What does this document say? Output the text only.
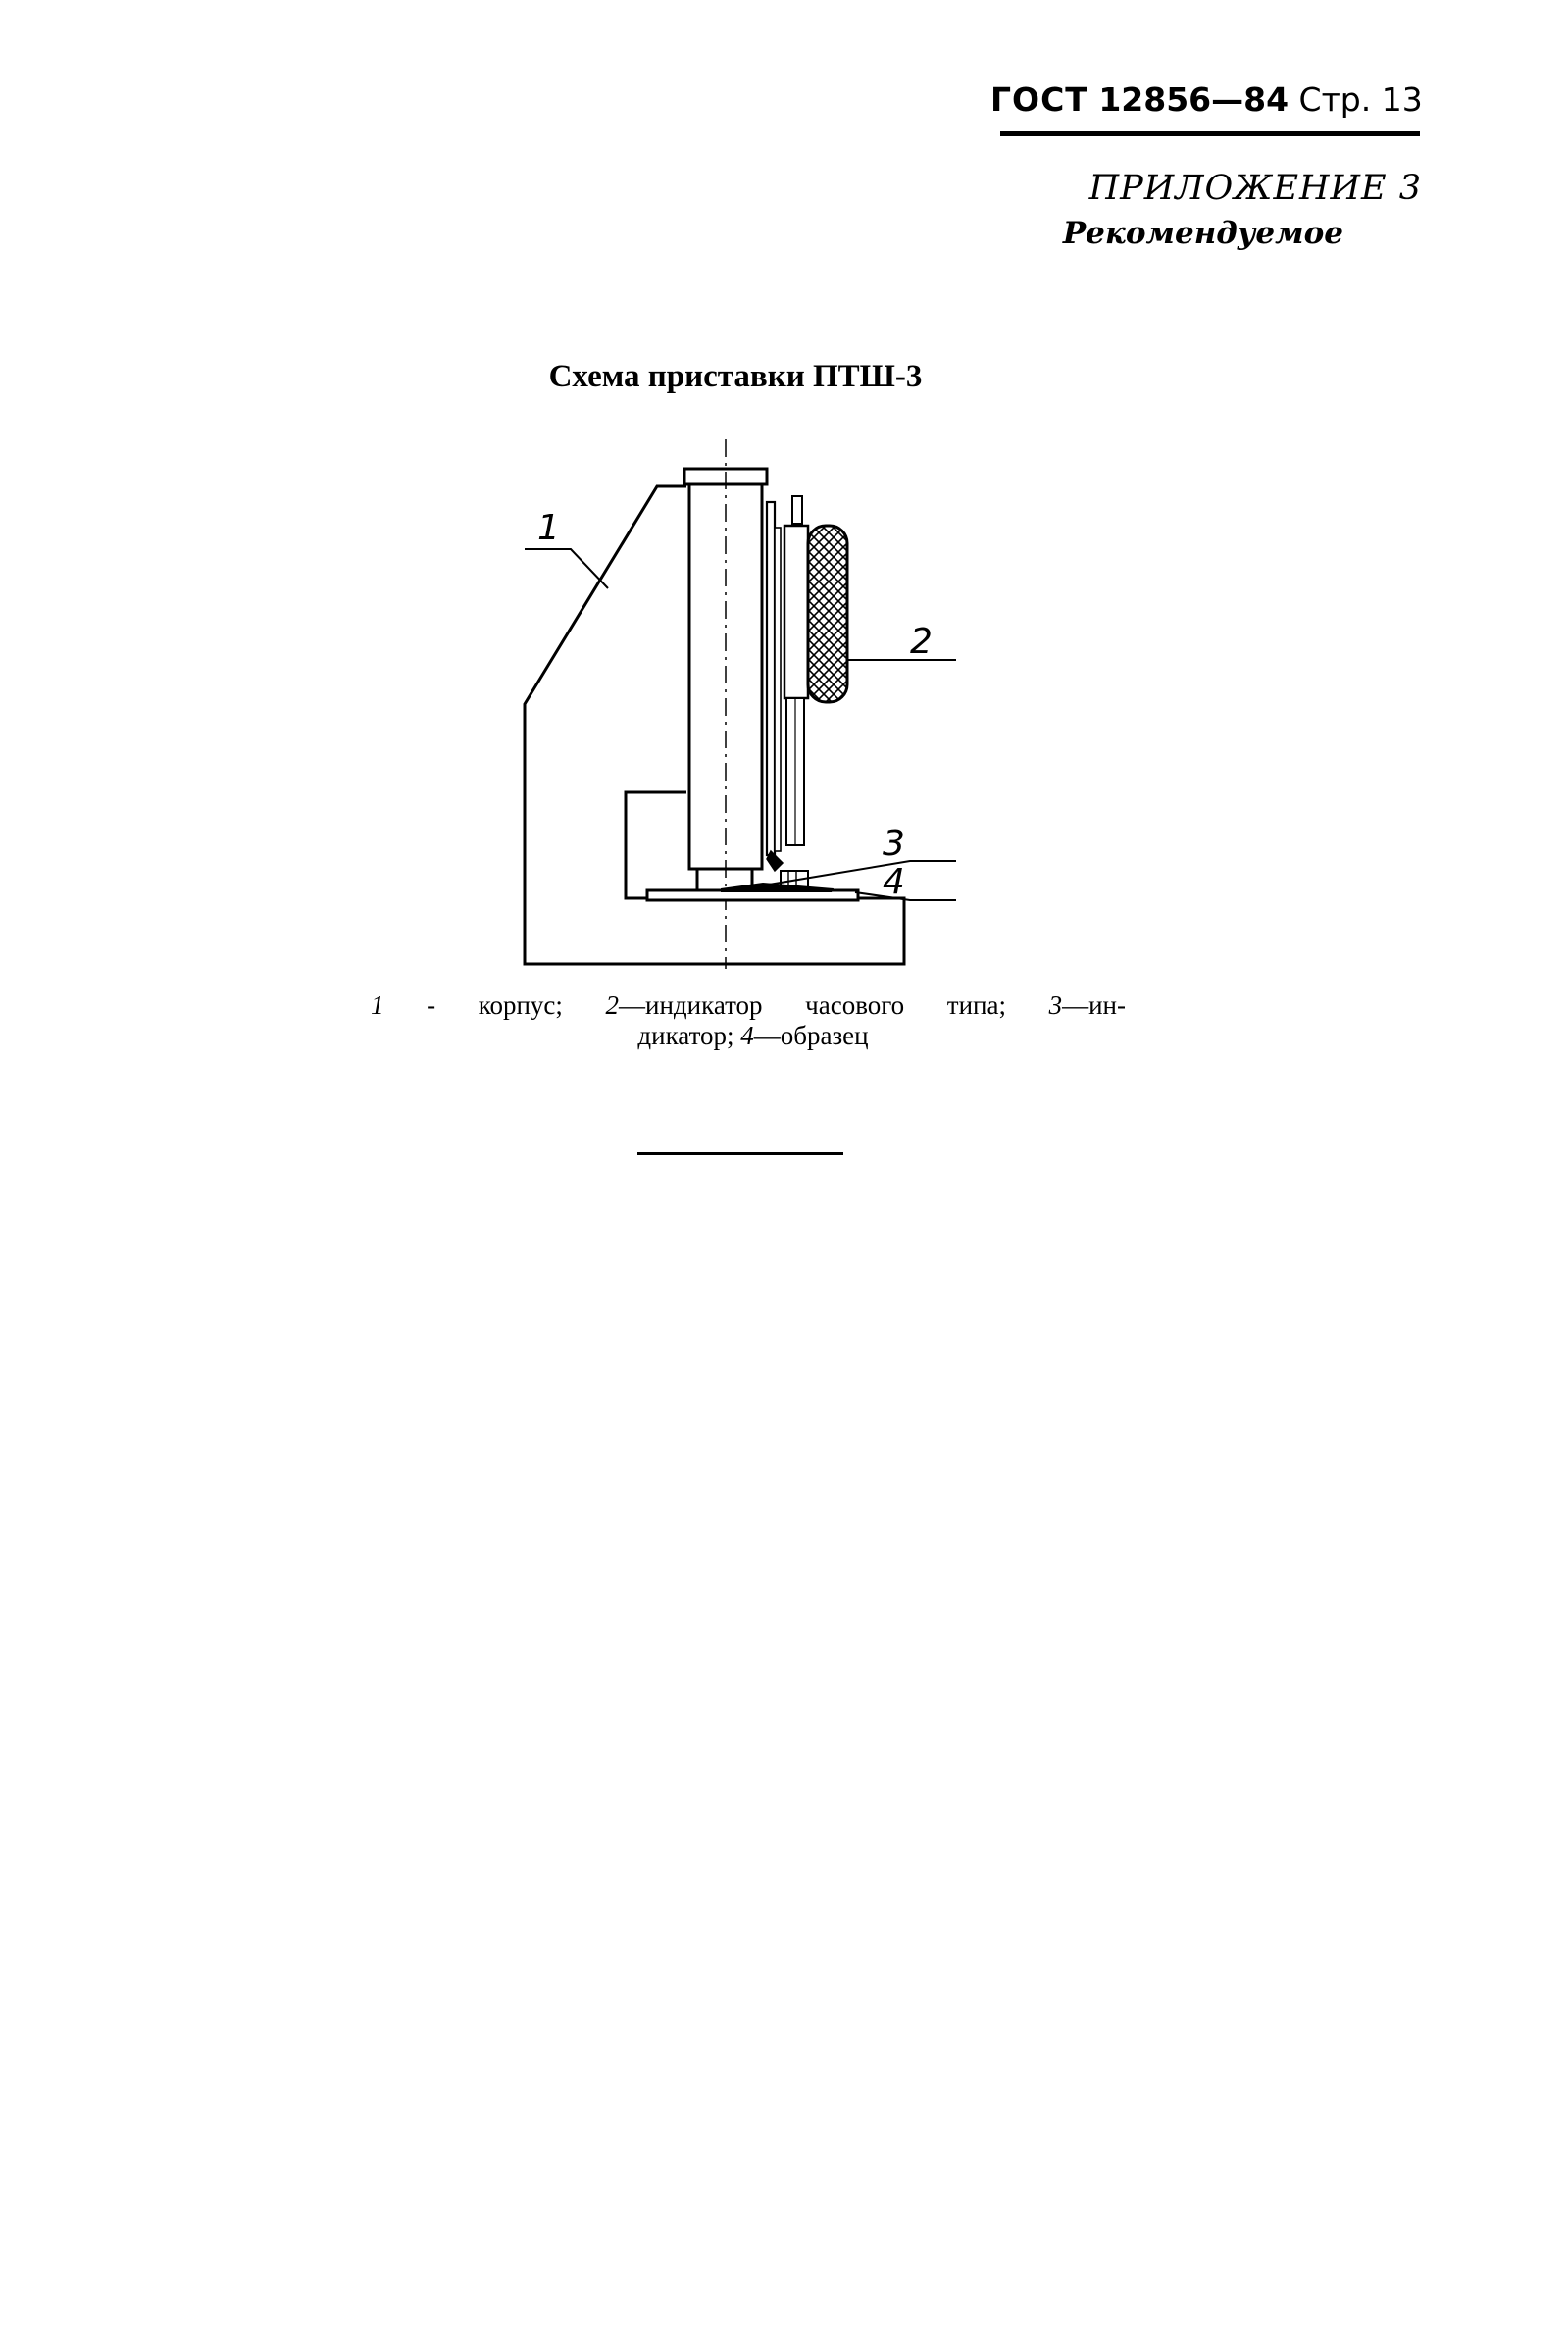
ГОСТ 12856—84 Стр. 13
ПРИЛОЖЕНИЕ 3
Рекомендуемое
Схема приставки ПТШ-3
1
2
3
4
1 - корпус; 2—индикатор часового типа; 3—ин-
дикатор; 4—образец
